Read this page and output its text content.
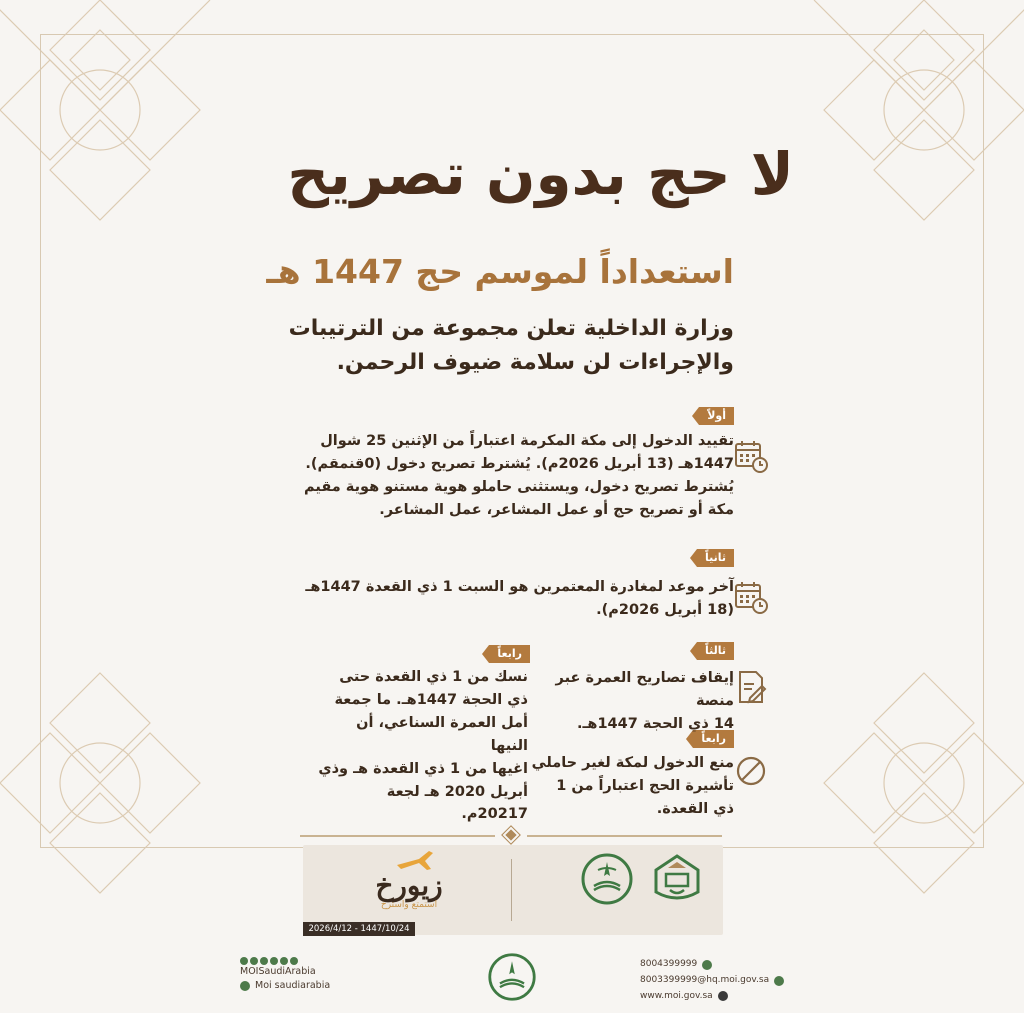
لا حج بدون تصريح
استعداداً لموسم حج 1447 هـ
وزارة الداخلية تعلن مجموعة من الترتيبات
والإجراءات لن سلامة ضيوف الرحمن.
أولاً
ثانياً
ثالثاً
رابعاً
رابعاً
تقييد الدخول إلى مكة المكرمة اعتباراً من الإثنين 25 شوال
1447هـ (13 أبريل 2026م). يُشترط تصريح دخول (0قنمقم).
يُشترط تصريح دخول، ويستثنى حاملو هوية مستنو هوية مقيم
مكة أو تصريح حج أو عمل المشاعر، عمل المشاعر.
آخر موعد لمغادرة المعتمرين هو السبت 1 ذي القعدة 1447هـ
(18 أبريل 2026م).
إيقاف تصاريح العمرة عبر منصة
14 ذي الحجة 1447هـ.
منع الدخول لمكة لغير حاملي
تأشيرة الحج اعتباراً من 1
ذي القعدة.
نسك من 1 ذي القعدة حتى
ذي الحجة 1447هـ. ما جمعة
أمل العمرة السناعي، أن النيها
اغيها من 1 ذي القعدة هـ وذي
أبريل 2020 هـ لجعة 20217م.
زيورخ
استمتع واسترخ
2026/4/12 - 1447/10/24
MOISaudiArabia
Moi saudiarabia
8004399999
8003399999@hq.moi.gov.sa
www.moi.gov.sa
